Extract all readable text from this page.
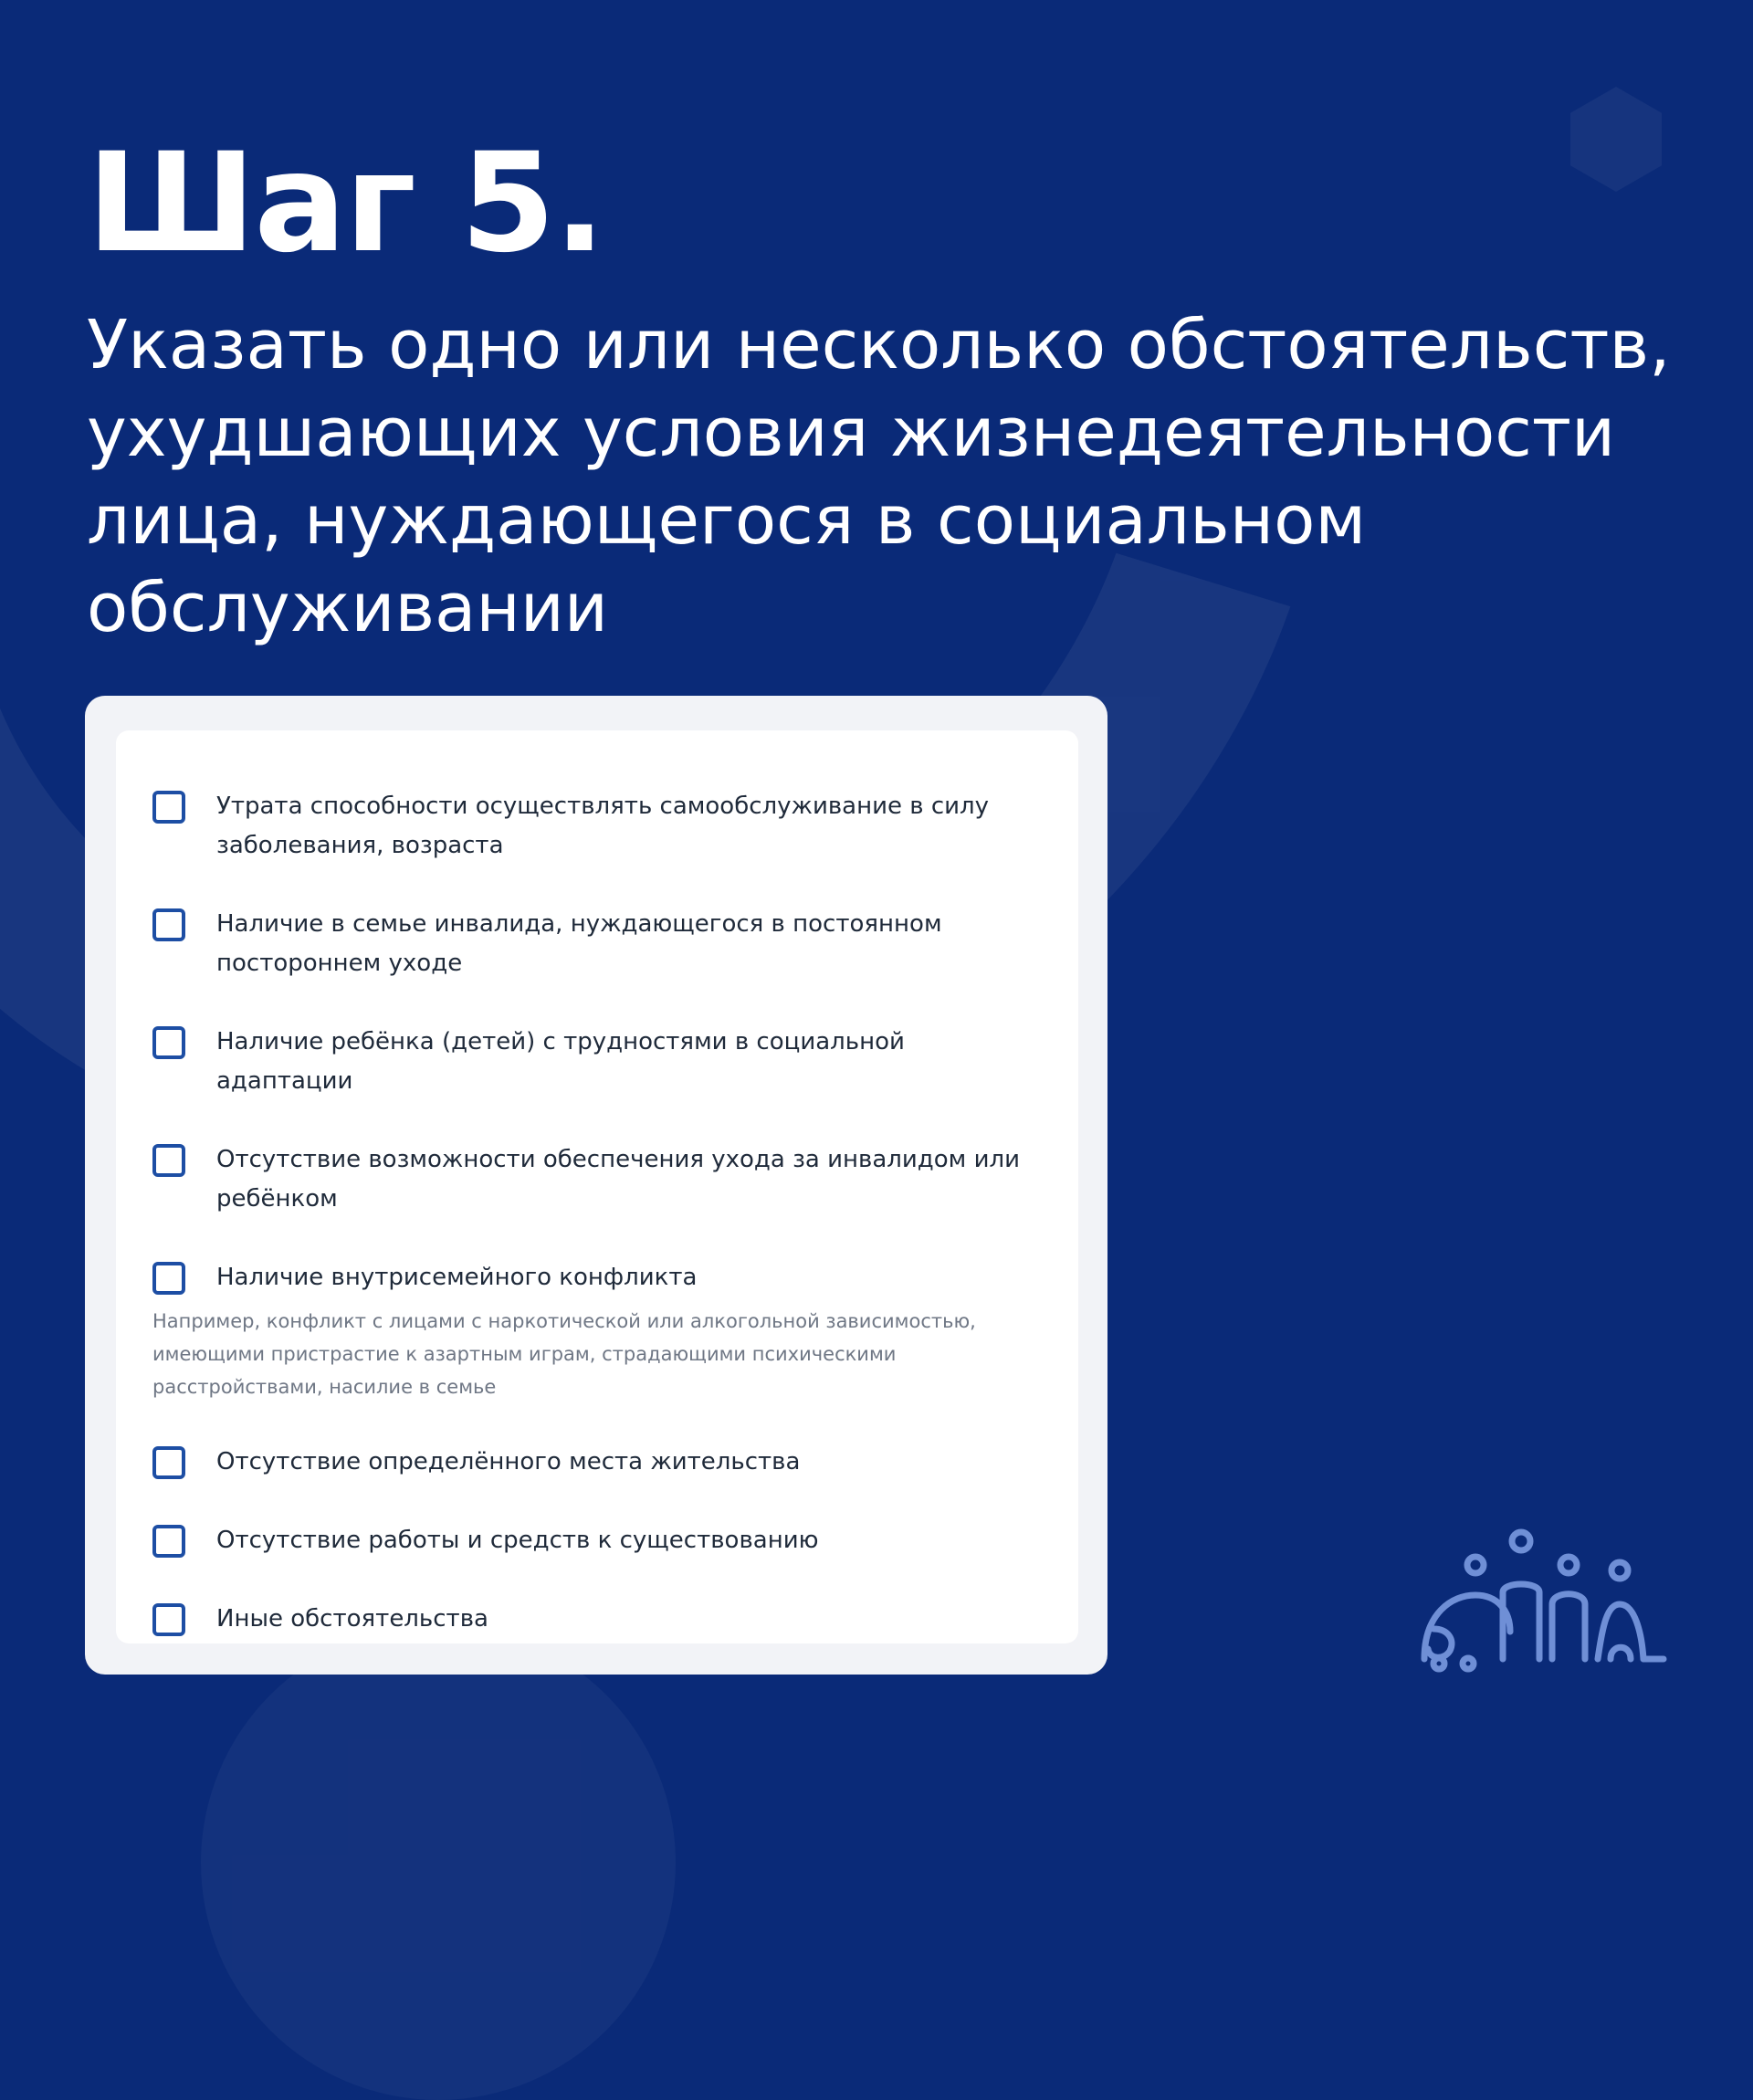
Шаг 5.

Указать одно или несколько обстоятельств, ухудшающих условия жизнедеятельности лица, нуждающегося в социальном обслуживании

Утрата способности осуществлять самообслуживание в силу заболевания, возраста
Наличие в семье инвалида, нуждающегося в постоянном постороннем уходе
Наличие ребёнка (детей) с трудностями в социальной адаптации
Отсутствие возможности обеспечения ухода за инвалидом или ребёнком
Наличие внутрисемейного конфликта
Например, конфликт с лицами с наркотической или алкогольной зависимостью, имеющими пристрастие к азартным играм, страдающими психическими расстройствами, насилие в семье
Отсутствие определённого места жительства
Отсутствие работы и средств к существованию
Иные обстоятельства
